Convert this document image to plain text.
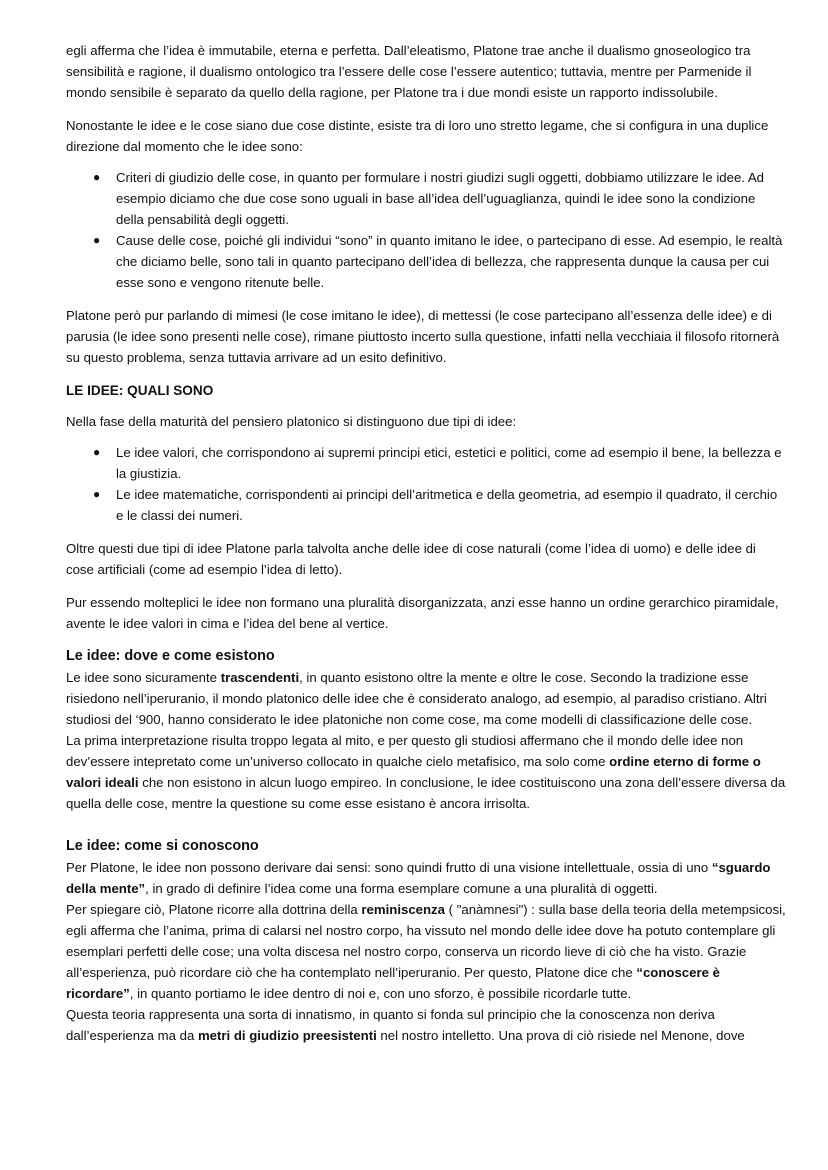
egli afferma che l’idea è immutabile, eterna e perfetta. Dall’eleatismo, Platone trae anche il dualismo gnoseologico tra sensibilità e ragione, il dualismo ontologico tra l’essere delle cose l’essere autentico; tuttavia, mentre per Parmenide il mondo sensibile è separato da quello della ragione, per Platone tra i due mondi esiste un rapporto indissolubile.

Nonostante le idee e le cose siano due cose distinte, esiste tra di loro uno stretto legame, che si configura in una duplice direzione dal momento che le idee sono:

● Criteri di giudizio delle cose, in quanto per formulare i nostri giudizi sugli oggetti, dobbiamo utilizzare le idee. Ad esempio diciamo che due cose sono uguali in base all’idea dell’uguaglianza, quindi le idee sono la condizione della pensabilità degli oggetti.
● Cause delle cose, poiché gli individui “sono” in quanto imitano le idee, o partecipano di esse. Ad esempio, le realtà che diciamo belle, sono tali in quanto partecipano dell’idea di bellezza, che rappresenta dunque la causa per cui esse sono e vengono ritenute belle.

Platone però pur parlando di mimesi (le cose imitano le idee), di mettessi (le cose partecipano all’essenza delle idee) e di parusia (le idee sono presenti nelle cose), rimane piuttosto incerto sulla questione, infatti nella vecchiaia il filosofo ritornerà su questo problema, senza tuttavia arrivare ad un esito definitivo.

LE IDEE: QUALI SONO

Nella fase della maturità del pensiero platonico si distinguono due tipi di idee:

● Le idee valori, che corrispondono ai supremi principi etici, estetici e politici, come ad esempio il bene, la bellezza e la giustizia.
● Le idee matematiche, corrispondenti ai principi dell’aritmetica e della geometria, ad esempio il quadrato, il cerchio e le classi dei numeri.

Oltre questi due tipi di idee Platone parla talvolta anche delle idee di cose naturali (come l’idea di uomo) e delle idee di cose artificiali (come ad esempio l’idea di letto).

Pur essendo molteplici le idee non formano una pluralità disorganizzata, anzi esse hanno un ordine gerarchico piramidale, avente le idee valori in cima e l’idea del bene al vertice.

Le idee: dove e come esistono

Le idee sono sicuramente trascendenti, in quanto esistono oltre la mente e oltre le cose. Secondo la tradizione esse risiedono nell’iperuranio, il mondo platonico delle idee che è considerato analogo, ad esempio, al paradiso cristiano. Altri studiosi del ‘900, hanno considerato le idee platoniche non come cose, ma come modelli di classificazione delle cose.

La prima interpretazione risulta troppo legata al mito, e per questo gli studiosi affermano che il mondo delle idee non dev’essere intepretato come un’universo collocato in qualche cielo metafisico, ma solo come ordine eterno di forme o valori ideali che non esistono in alcun luogo empireo. In conclusione, le idee costituiscono una zona dell’essere diversa da quella delle cose, mentre la questione su come esse esistano è ancora irrisolta.

Le idee: come si conoscono

Per Platone, le idee non possono derivare dai sensi: sono quindi frutto di una visione intellettuale, ossia di uno “sguardo della mente”, in grado di definire l’idea come una forma esemplare comune a una pluralità di oggetti.

Per spiegare ciò, Platone ricorre alla dottrina della reminiscenza ( "anàmnesi") : sulla base della teoria della metempsicosi, egli afferma che l’anima, prima di calarsi nel nostro corpo, ha vissuto nel mondo delle idee dove ha potuto contemplare gli esemplari perfetti delle cose; una volta discesa nel nostro corpo, conserva un ricordo lieve di ciò che ha visto. Grazie all’esperienza, può ricordare ciò che ha contemplato nell’iperuranio. Per questo, Platone dice che “conoscere è ricordare”, in quanto portiamo le idee dentro di noi e, con uno sforzo, è possibile ricordarle tutte.

Questa teoria rappresenta una sorta di innatismo, in quanto si fonda sul principio che la conoscenza non deriva dall’esperienza ma da metri di giudizio preesistenti nel nostro intelletto. Una prova di ciò risiede nel Menone, dove
